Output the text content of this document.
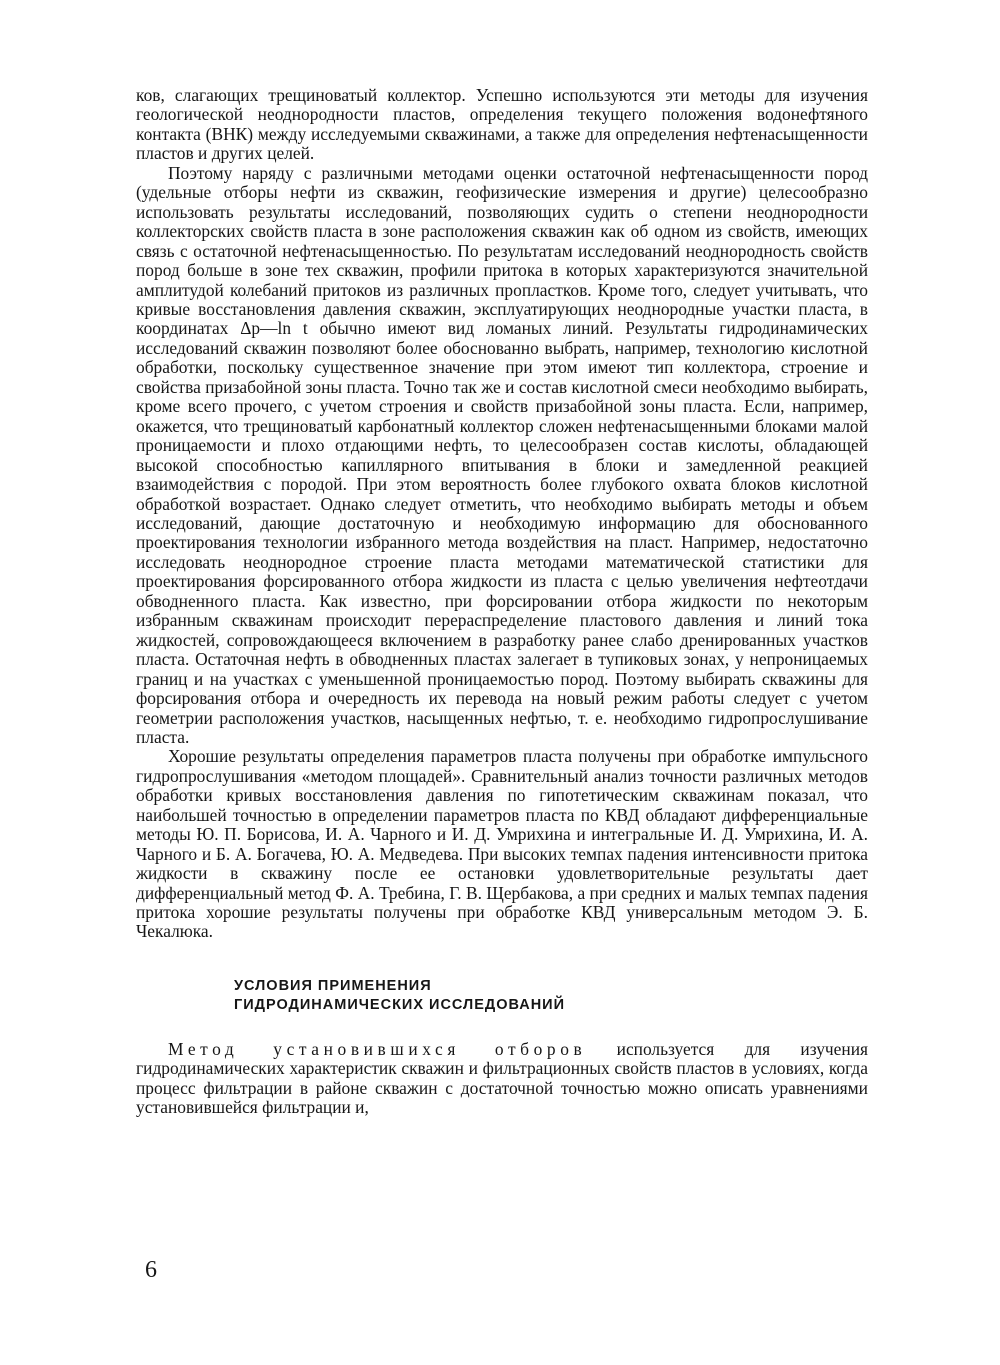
ков, слагающих трещиноватый коллектор. Успешно используются эти методы для изучения геологической неоднородности пластов, определения текущего положения водонефтяного контакта (ВНК) между исследуемыми скважинами, а также для определения нефтенасыщенности пластов и других целей.

Поэтому наряду с различными методами оценки остаточной нефтенасыщенности пород (удельные отборы нефти из скважин, геофизические измерения и другие) целесообразно использовать результаты исследований, позволяющих судить о степени неоднородности коллекторских свойств пласта в зоне расположения скважин как об одном из свойств, имеющих связь с остаточной нефтенасыщенностью. По результатам исследований неоднородность свойств пород больше в зоне тех скважин, профили притока в которых характеризуются значительной амплитудой колебаний притоков из различных пропластков. Кроме того, следует учитывать, что кривые восстановления давления скважин, эксплуатирующих неоднородные участки пласта, в координатах Δp—ln t обычно имеют вид ломаных линий. Результаты гидродинамических исследований скважин позволяют более обоснованно выбрать, например, технологию кислотной обработки, поскольку существенное значение при этом имеют тип коллектора, строение и свойства призабойной зоны пласта. Точно так же и состав кислотной смеси необходимо выбирать, кроме всего прочего, с учетом строения и свойств призабойной зоны пласта. Если, например, окажется, что трещиноватый карбонатный коллектор сложен нефтенасыщенными блоками малой проницаемости и плохо отдающими нефть, то целесообразен состав кислоты, обладающей высокой способностью капиллярного впитывания в блоки и замедленной реакцией взаимодействия с породой. При этом вероятность более глубокого охвата блоков кислотной обработкой возрастает. Однако следует отметить, что необходимо выбирать методы и объем исследований, дающие достаточную и необходимую информацию для обоснованного проектирования технологии избранного метода воздействия на пласт. Например, недостаточно исследовать неоднородное строение пласта методами математической статистики для проектирования форсированного отбора жидкости из пласта с целью увеличения нефтеотдачи обводненного пласта. Как известно, при форсировании отбора жидкости по некоторым избранным скважинам происходит перераспределение пластового давления и линий тока жидкостей, сопровождающееся включением в разработку ранее слабо дренированных участков пласта. Остаточная нефть в обводненных пластах залегает в тупиковых зонах, у непроницаемых границ и на участках с уменьшенной проницаемостью пород. Поэтому выбирать скважины для форсирования отбора и очередность их перевода на новый режим работы следует с учетом геометрии расположения участков, насыщенных нефтью, т. е. необходимо гидропрослушивание пласта.

Хорошие результаты определения параметров пласта получены при обработке импульсного гидропрослушивания «методом площадей». Сравнительный анализ точности различных методов обработки кривых восстановления давления по гипотетическим скважинам показал, что наибольшей точностью в определении параметров пласта по КВД обладают дифференциальные методы Ю. П. Борисова, И. А. Чарного и И. Д. Умрихина и интегральные И. Д. Умрихина, И. А. Чарного и Б. А. Богачева, Ю. А. Медведева. При высоких темпах падения интенсивности притока жидкости в скважину после ее остановки удовлетворительные результаты дает дифференциальный метод Ф. А. Требина, Г. В. Щербакова, а при средних и малых темпах падения притока хорошие результаты получены при обработке КВД универсальным методом Э. Б. Чекалюка.

УСЛОВИЯ ПРИМЕНЕНИЯ
ГИДРОДИНАМИЧЕСКИХ ИССЛЕДОВАНИЙ

Метод установившихся отборов используется для изучения гидродинамических характеристик скважин и фильтрационных свойств пластов в условиях, когда процесс фильтрации в районе скважин с достаточной точностью можно описать уравнениями установившейся фильтрации и,

6
